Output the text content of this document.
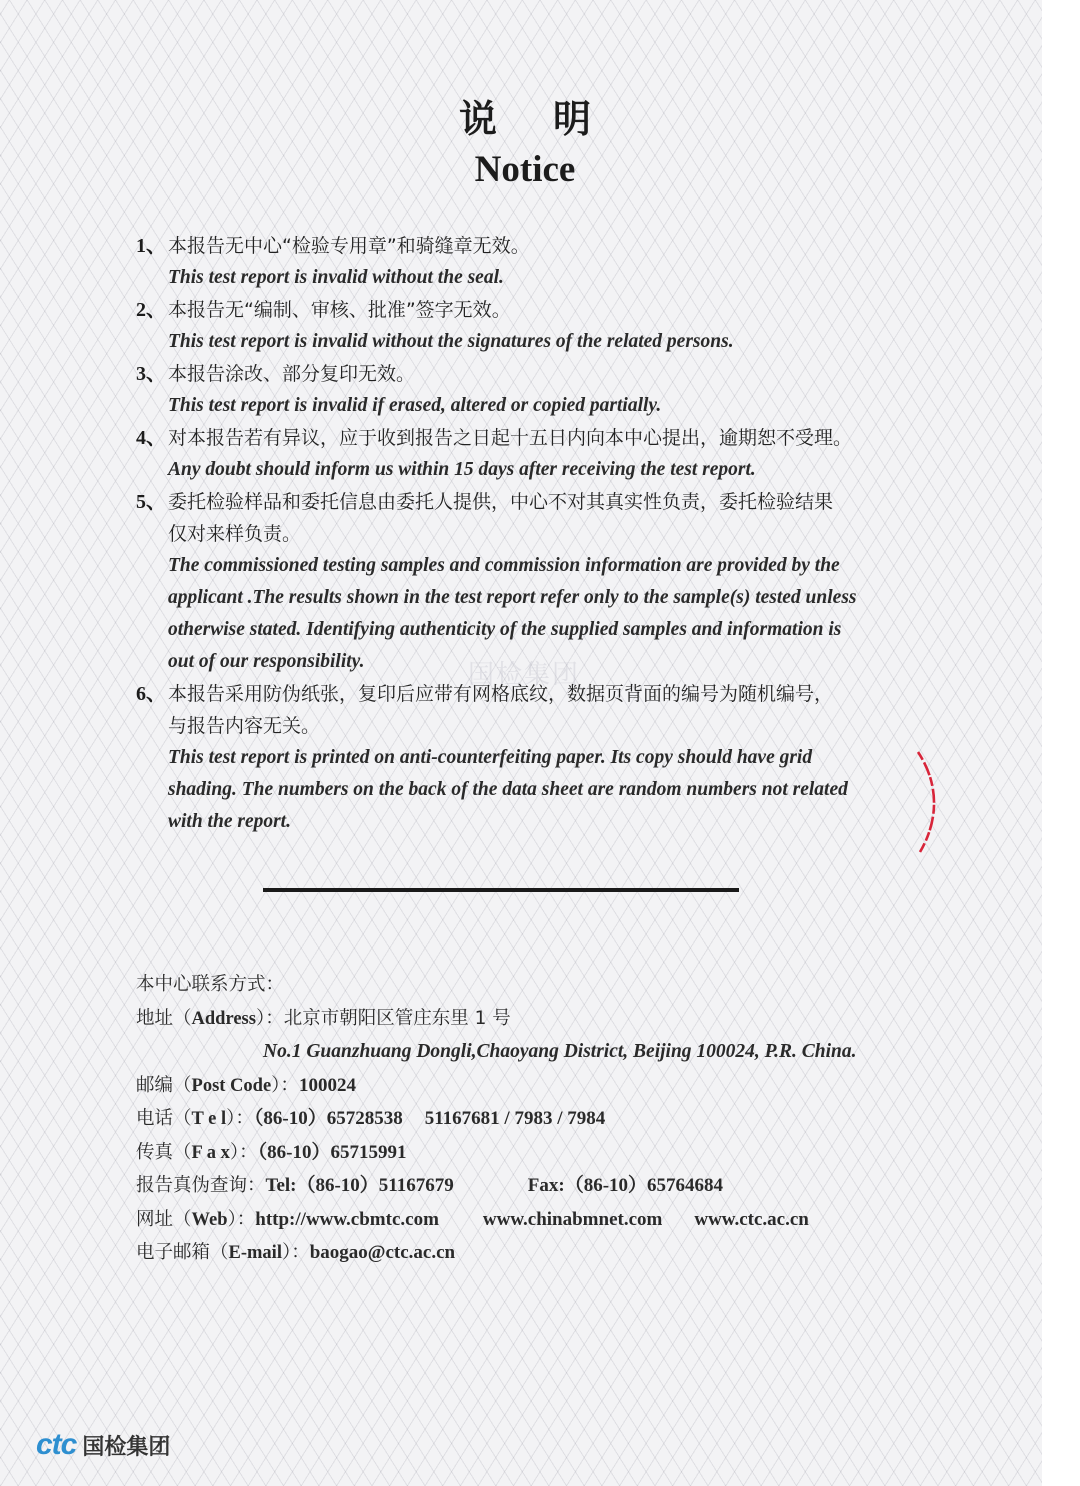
说明
Notice
国检集团
1、 本报告无中心“检验专用章”和骑缝章无效。
This test report is invalid without the seal.
2、 本报告无“编制、审核、批准”签字无效。
This test report is invalid without the signatures of the related persons.
3、 本报告涂改、部分复印无效。
This test report is invalid if erased, altered or copied partially.
4、 对本报告若有异议，应于收到报告之日起十五日内向本中心提出，逾期恕不受理。
Any doubt should inform us within 15 days after receiving the test report.
5、 委托检验样品和委托信息由委托人提供，中心不对其真实性负责，委托检验结果
仅对来样负责。
The commissioned testing samples and commission information are provided by the
applicant .The results shown in the test report refer only to the sample(s) tested unless
otherwise stated. Identifying authenticity of the supplied samples and information is
out of our responsibility.
6、 本报告采用防伪纸张，复印后应带有网格底纹，数据页背面的编号为随机编号，
与报告内容无关。
This test report is printed on anti-counterfeiting paper. Its copy should have grid
shading. The numbers on the back of the data sheet are random numbers not related
with the report.
本中心联系方式：
地址（Address）：北京市朝阳区管庄东里 1 号
No.1 Guanzhuang Dongli,Chaoyang District, Beijing 100024, P.R. China.
邮编（Post Code）：100024
电话（T e l）：（86-10）65728538 51167681 / 7983 / 7984
传真（F a x）：（86-10）65715991
报告真伪查询：Tel:（86-10）51167679	Fax:（86-10）65764684
网址（Web）：http://www.cbmtc.com www.chinabmnet.com www.ctc.ac.cn
电子邮箱（E-mail）：baogao@ctc.ac.cn
ctc 国检集团
